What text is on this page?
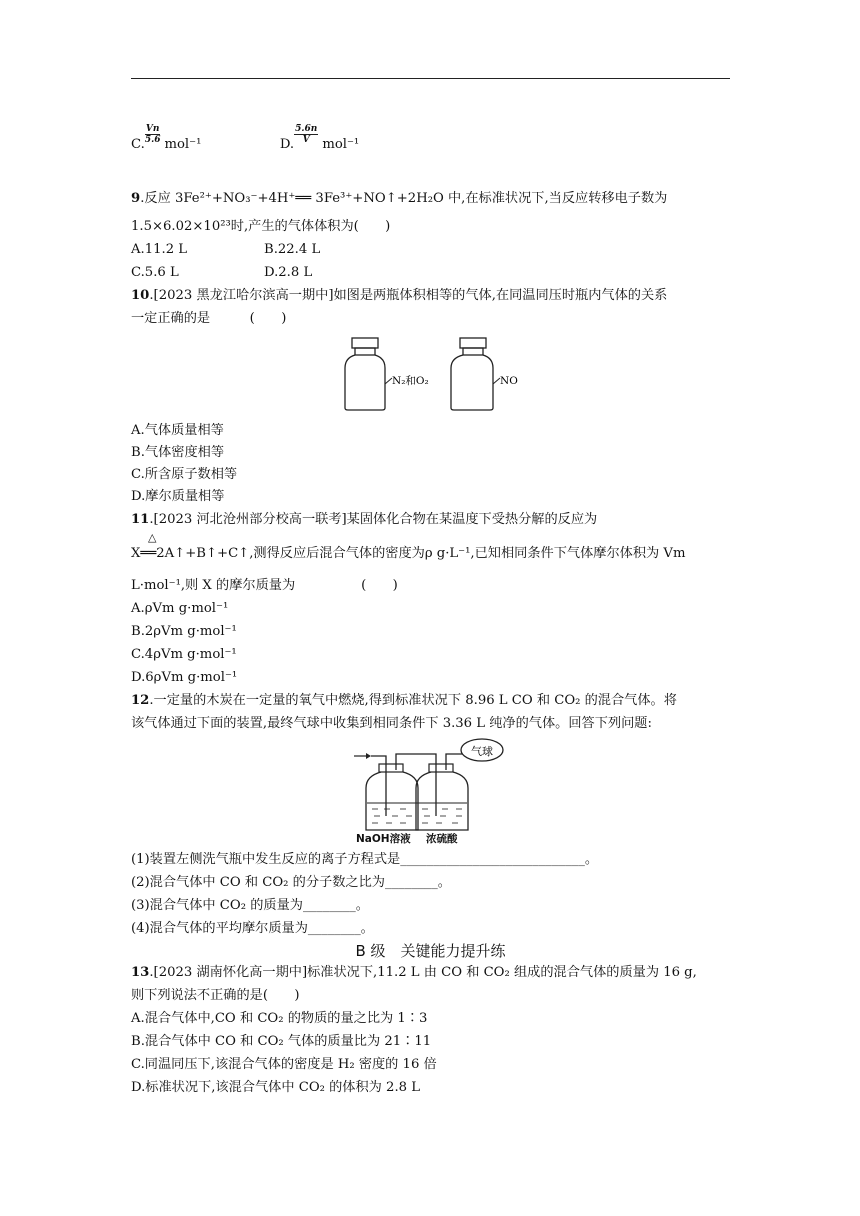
C. $\frac{Vn}{5.6} mol^{-1}$	D. $\frac{5.6n}{V} mol^{-1}$
9.反应 3Fe²⁺+NO₃⁻+4H⁺══ 3Fe³⁺+NO↑+2H₂O 中,在标准状况下,当反应转移电子数为
1.5×6.02×10²³时,产生的气体体积为(　　)
A.11.2 L	B.22.4 L
C.5.6 L	D.2.8 L
10.[2023 黑龙江哈尔滨高一期中]如图是两瓶体积相等的气体,在同温同压时瓶内气体的关系
一定正确的是　　　(　　)
N₂和O₂	NO
A.气体质量相等
B.气体密度相等
C.所含原子数相等
D.摩尔质量相等
11.[2023 河北沧州部分校高一联考]某固体化合物在某温度下受热分解的反应为
△
X══2A↑+B↑+C↑,测得反应后混合气体的密度为ρ g·L⁻¹,已知相同条件下气体摩尔体积为 Vm
L·mol⁻¹,则 X 的摩尔质量为　　　　　(　　)
A.ρVm g·mol⁻¹
B.2ρVm g·mol⁻¹
C.4ρVm g·mol⁻¹
D.6ρVm g·mol⁻¹
12.一定量的木炭在一定量的氧气中燃烧,得到标准状况下 8.96 L CO 和 CO₂ 的混合气体。将
该气体通过下面的装置,最终气球中收集到相同条件下 3.36 L 纯净的气体。回答下列问题:
气球
NaOH溶液 浓硫酸
(1)装置左侧洗气瓶中发生反应的离子方程式是____________________________。
(2)混合气体中 CO 和 CO₂ 的分子数之比为________。
(3)混合气体中 CO₂ 的质量为________。
(4)混合气体的平均摩尔质量为________。
B 级　关键能力提升练
13.[2023 湖南怀化高一期中]标准状况下,11.2 L 由 CO 和 CO₂ 组成的混合气体的质量为 16 g,
则下列说法不正确的是(　　)
A.混合气体中,CO 和 CO₂ 的物质的量之比为 1∶3
B.混合气体中 CO 和 CO₂ 气体的质量比为 21∶11
C.同温同压下,该混合气体的密度是 H₂ 密度的 16 倍
D.标准状况下,该混合气体中 CO₂ 的体积为 2.8 L
